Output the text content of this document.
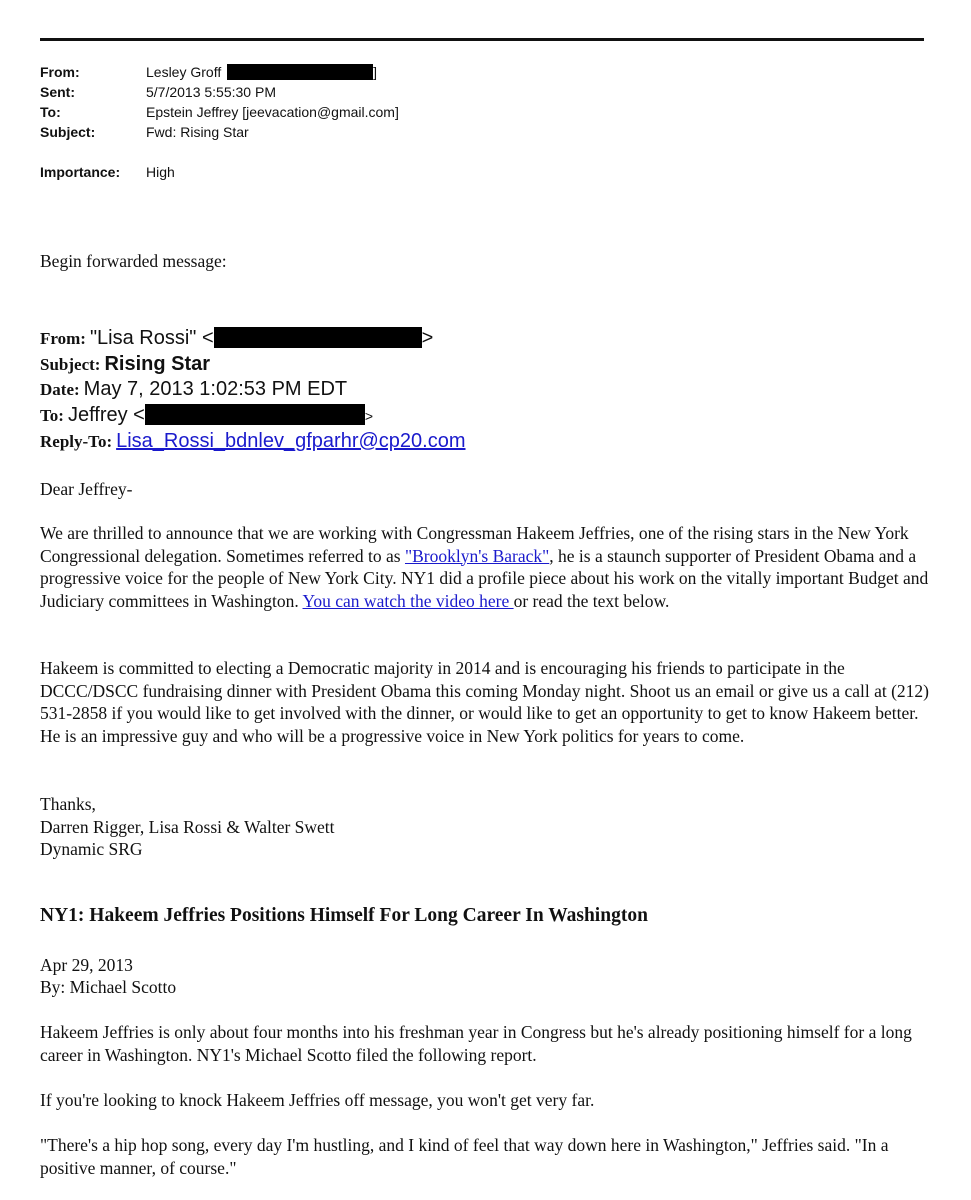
From:	Lesley Groff	]
Sent:	5/7/2013 5:55:30 PM
To:	Epstein Jeffrey [jeevacation@gmail.com]
Subject:	Fwd: Rising Star
Importance: High

Begin forwarded message:

From: "Lisa Rossi" <	>
Subject: Rising Star
Date: May 7, 2013 1:02:53 PM EDT
To: Jeffrey <	>
Reply-To: Lisa_Rossi_bdnlev_gfparhr@cp20.com

Dear Jeffrey-

We are thrilled to announce that we are working with Congressman Hakeem Jeffries, one of the rising stars in the New York Congressional delegation. Sometimes referred to as "Brooklyn's Barack", he is a staunch supporter of President Obama and a progressive voice for the people of New York City. NY1 did a profile piece about his work on the vitally important Budget and Judiciary committees in Washington. You can watch the video here or read the text below.

Hakeem is committed to electing a Democratic majority in 2014 and is encouraging his friends to participate in the DCCC/DSCC fundraising dinner with President Obama this coming Monday night. Shoot us an email or give us a call at (212) 531-2858 if you would like to get involved with the dinner, or would like to get an opportunity to get to know Hakeem better. He is an impressive guy and who will be a progressive voice in New York politics for years to come.

Thanks,

Darren Rigger, Lisa Rossi & Walter Swett

Dynamic SRG

NY1: Hakeem Jeffries Positions Himself For Long Career In Washington

Apr 29, 2013

By: Michael Scotto

Hakeem Jeffries is only about four months into his freshman year in Congress but he's already positioning himself for a long career in Washington. NY1's Michael Scotto filed the following report.

If you're looking to knock Hakeem Jeffries off message, you won't get very far.

"There's a hip hop song, every day I'm hustling, and I kind of feel that way down here in Washington," Jeffries said. "In a positive manner, of course."
